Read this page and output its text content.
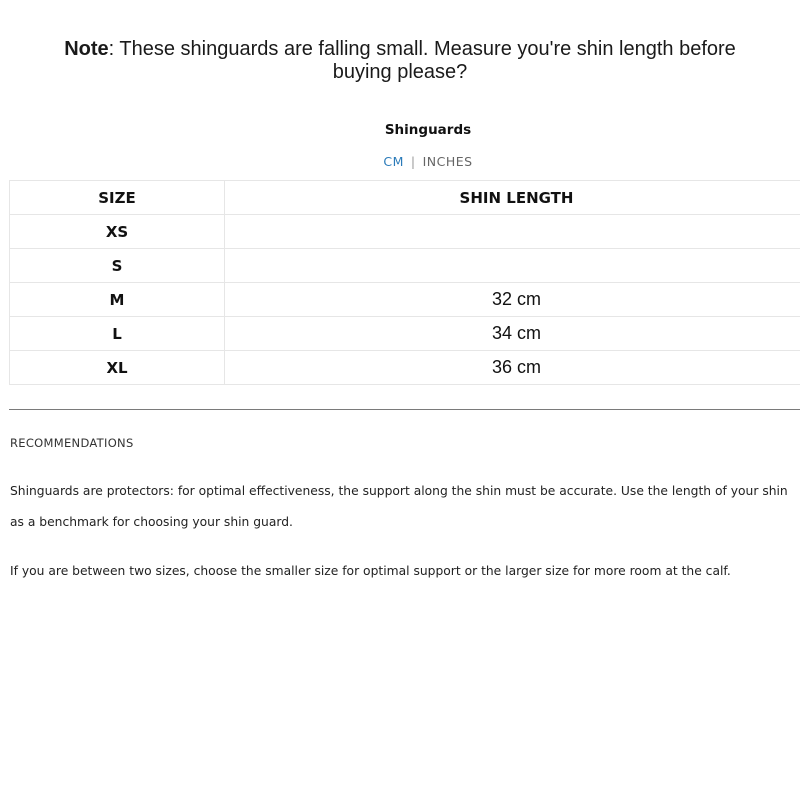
Note: These shinguards are falling small. Measure you're shin length before buying please?
Shinguards
CM | INCHES
SIZE	SHIN LENGTH
XS	
S	
M	32 cm
L	34 cm
XL	36 cm
RECOMMENDATIONS
Shinguards are protectors: for optimal effectiveness, the support along the shin must be accurate. Use the length of your shin as a benchmark for choosing your shin guard.
If you are between two sizes, choose the smaller size for optimal support or the larger size for more room at the calf.
